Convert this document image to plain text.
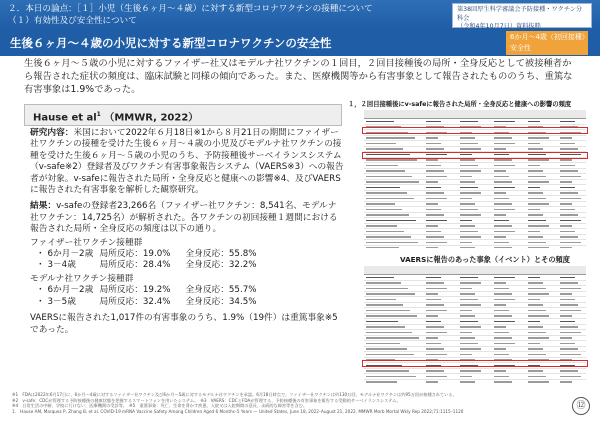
２．本日の論点：［１］小児（生後６ヶ月～４歳）に対する新型コロナワクチンの接種について
（１）有効性及び安全性について
第38回厚生科学審議会予防接種・ワクチン分科会
（令和4年10月7日）資料抜粋
生後６ヶ月～４歳の小児に対する新型コロナワクチンの安全性	6か月～4歳（初回接種）
安全性
生後６ヶ月～５歳の小児に対するファイザー社又はモデルナ社ワクチンの１回目，２回目接種後の局所・全身反応として被接種者から報告された症状の頻度は、臨床試験と同様の傾向であった。また、医療機関等から有害事象として報告されたもののうち、重篤な有害事象は1.9%であった。
Hause et $al^1$ （MMWR, 2022）

研究内容：米国において2022年６月18日※1から８月21日の期間にファイザー社ワクチンの接種を受けた生後６ヶ月～４歳の小児及びモデルナ社ワクチンの接種を受けた生後６ヶ月～５歳の小児のうち、予防接種後サーベイランスシステム（v-safe※2）登録者及びワクチン有害事象報告システム（VAERS※3）への報告者が対象。v-safeに報告された局所・全身反応と健康への影響※4、及びVAERSに報告された有害事象を解析した観察研究。

結果：v-safeの登録者23,266名（ファイザー社ワクチン：8,541名、モデルナ社ワクチン：14,725名）が解析された。各ワクチンの初回接種１週間における報告された局所・全身反応の頻度は以下の通り。

ファイザー社ワクチン接種群

・ 6か月－2歳 局所反応：19.0% 全身反応：55.8%

・ 3－4歳	局所反応：28.4% 全身反応：32.2%

モデルナ社ワクチン接種群

・ 6か月－2歳 局所反応：19.2% 全身反応：55.7%

・ 3－5歳	局所反応：32.4% 全身反応：34.5%

VAERSに報告された1,017件の有害事象のうち、1.9%（19件）は重篤事象※5であった。

１，２回目接種後にv-safeに報告された局所・全身反応と健康への影響の頻度
VAERSに報告のあった事象（イベント）とその頻度
※1　FDAは2022年6月17日に、6か月～4歳に対するファイザー社ワクチン及び6か月～5歳に対するモデルナ社ワクチンを承認。6月18日時点で、ファイザー社ワクチンは約130万回、モデルナ社ワクチンは約95万回が接種されている。
※2　v-safe：CDCが管理する予防接種後の健康状態を把握するスマートフォンを用いたシステム。　※3　VAERS：CDCとFDAが管理する、予防接種後の有害事象を報告する受動的サーベイランスシステム。
※4　日常生活の中断、学校に行けない、医療機関の受診等。　※5　重篤事象：死亡、生命を脅かす疾患、入院又は入院期間の延長、永続的な障害等を含む。
1.　Hause AM, Marquez P, Zhang B, et al. COVID-19 mRNA Vaccine Safety Among Children Aged 6 Months–5 Years — United States, June 18, 2022–August 21, 2022. MMWR Morb Mortal Wkly Rep 2022;71:1115–1120
⑫
